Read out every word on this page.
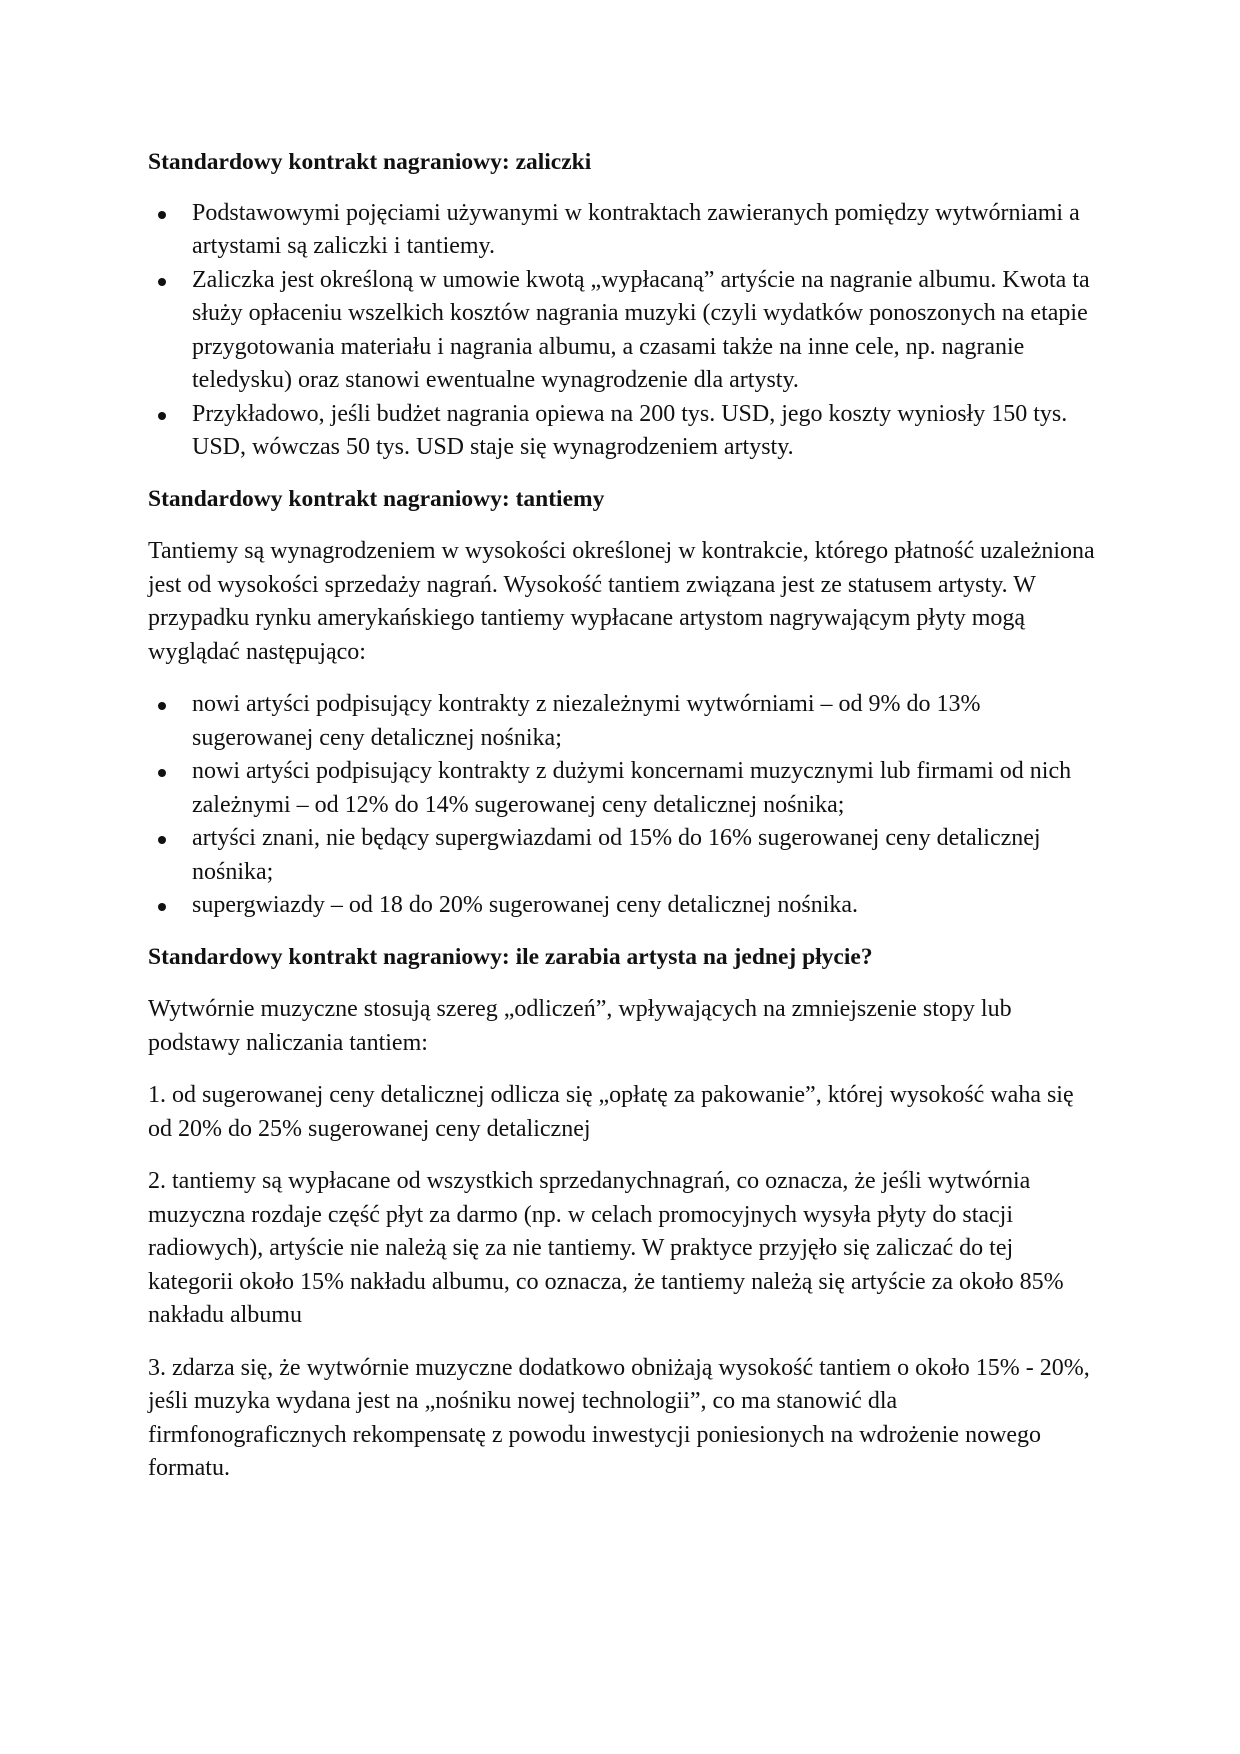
Standardowy kontrakt nagraniowy: zaliczki
Podstawowymi pojęciami używanymi w kontraktach zawieranych pomiędzy wytwórniami a artystami są zaliczki i tantiemy.
Zaliczka jest określoną w umowie kwotą „wypłacaną” artyście na nagranie albumu. Kwota ta służy opłaceniu wszelkich kosztów nagrania muzyki (czyli wydatków ponoszonych na etapie przygotowania materiału i nagrania albumu, a czasami także na inne cele, np. nagranie teledysku) oraz stanowi ewentualne wynagrodzenie dla artysty.
Przykładowo, jeśli budżet nagrania opiewa na 200 tys. USD, jego koszty wyniosły 150 tys. USD, wówczas 50 tys. USD staje się wynagrodzeniem artysty.
Standardowy kontrakt nagraniowy: tantiemy

Tantiemy są wynagrodzeniem w wysokości określonej w kontrakcie, którego płatność uzależniona jest od wysokości sprzedaży nagrań. Wysokość tantiem związana jest ze statusem artysty. W przypadku rynku amerykańskiego tantiemy wypłacane artystom nagrywającym płyty mogą wyglądać następująco:

nowi artyści podpisujący kontrakty z niezależnymi wytwórniami – od 9% do 13% sugerowanej ceny detalicznej nośnika;
nowi artyści podpisujący kontrakty z dużymi koncernami muzycznymi lub firmami od nich zależnymi – od 12% do 14% sugerowanej ceny detalicznej nośnika;
artyści znani, nie będący supergwiazdami od 15% do 16% sugerowanej ceny detalicznej nośnika;
supergwiazdy – od 18 do 20% sugerowanej ceny detalicznej nośnika.
Standardowy kontrakt nagraniowy: ile zarabia artysta na jednej płycie?

Wytwórnie muzyczne stosują szereg „odliczeń”, wpływających na zmniejszenie stopy lub podstawy naliczania tantiem:

1. od sugerowanej ceny detalicznej odlicza się „opłatę za pakowanie”, której wysokość waha się od 20% do 25% sugerowanej ceny detalicznej

2. tantiemy są wypłacane od wszystkich sprzedanychnagrań, co oznacza, że jeśli wytwórnia muzyczna rozdaje część płyt za darmo (np. w celach promocyjnych wysyła płyty do stacji radiowych), artyście nie należą się za nie tantiemy. W praktyce przyjęło się zaliczać do tej kategorii około 15% nakładu albumu, co oznacza, że tantiemy należą się artyście za około 85% nakładu albumu

3. zdarza się, że wytwórnie muzyczne dodatkowo obniżają wysokość tantiem o około 15% - 20%, jeśli muzyka wydana jest na „nośniku nowej technologii”, co ma stanowić dla firmfonograficznych rekompensatę z powodu inwestycji poniesionych na wdrożenie nowego formatu.
